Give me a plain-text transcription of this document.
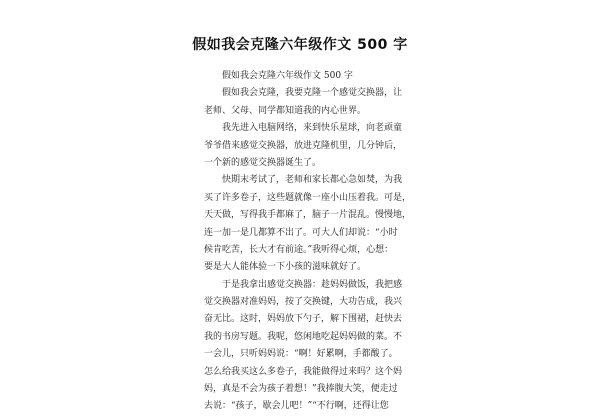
假如我会克隆六年级作文 500 字
假如我会克隆六年级作文 500 字
假如我会克隆，我要克隆一个感觉交换器，让
老师、父母、同学都知道我的内心世界。
我先进入电脑网络，来到快乐星球，向老顽童
爷爷借来感觉交换器，放进克隆机里，几分钟后，
一个新的感觉交换器诞生了。
快期末考试了，老师和家长都心急如焚，为我
买了许多卷子，这些题就像一座小山压着我。可是，
天天做，写得我手都麻了，脑子一片混乱。慢慢地，
连一加一是几都算不出了。可大人们却说：“小时
候肯吃苦，长大才有前途。”我听得心烦，心想：
要是大人能体验一下小孩的滋味就好了。
于是我拿出感觉交换器：趁妈妈做饭，我把感
觉交换器对准妈妈，按了交换键，大功告成，我兴
奋无比。这时，妈妈放下勺子，解下围裙，赶快去
我的书房写题。我呢，悠闲地吃起妈妈做的菜。不
一会儿，只听妈妈说：“啊！好累啊，手都酸了。
怎么给我买这么多卷子，我能做得过来吗？这个妈
妈，真是不会为孩子着想！”我捧腹大笑，便走过
去说：“孩子，歇会儿吧！”“不行啊，还得让您
